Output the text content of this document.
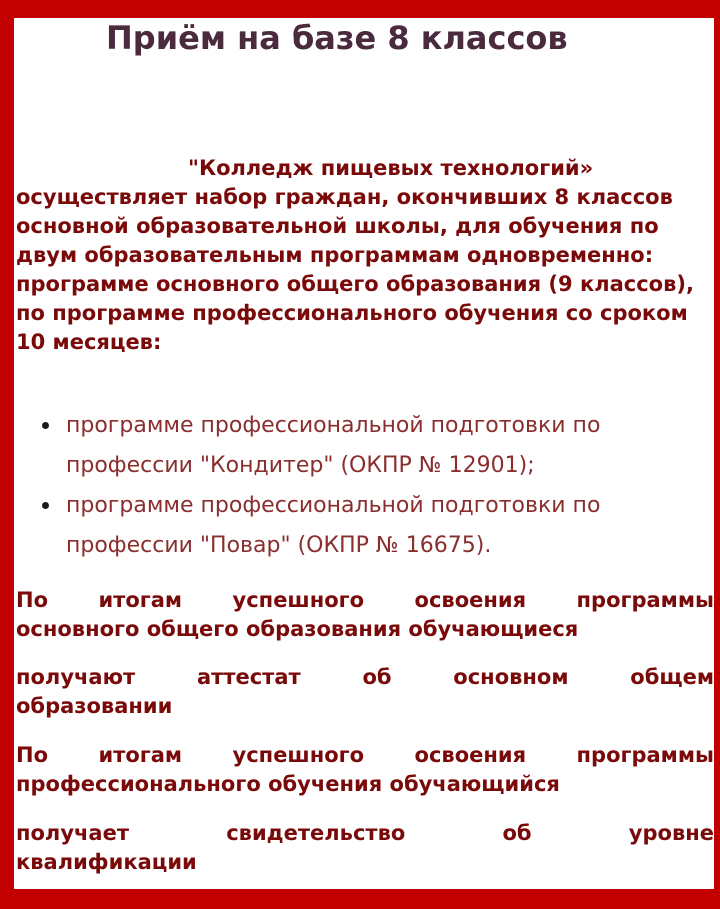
Приём на базе 8 классов

"Колледж пищевых технологий» осуществляет набор граждан, окончивших 8 классов основной образовательной школы, для обучения по двум образовательным программам одновременно: программе основного общего образования (9 классов), по программе профессионального обучения со сроком 10 месяцев:

программе профессиональной подготовки по профессии "Кондитер" (ОКПР № 12901);
программе профессиональной подготовки по профессии "Повар" (ОКПР № 16675).
По итогам успешного освоения программы
основного общего образования обучающиеся
получают аттестат об основном общем
образовании
По итогам успешного освоения программы
профессионального обучения обучающийся
получает свидетельство об уровне
квалификации
